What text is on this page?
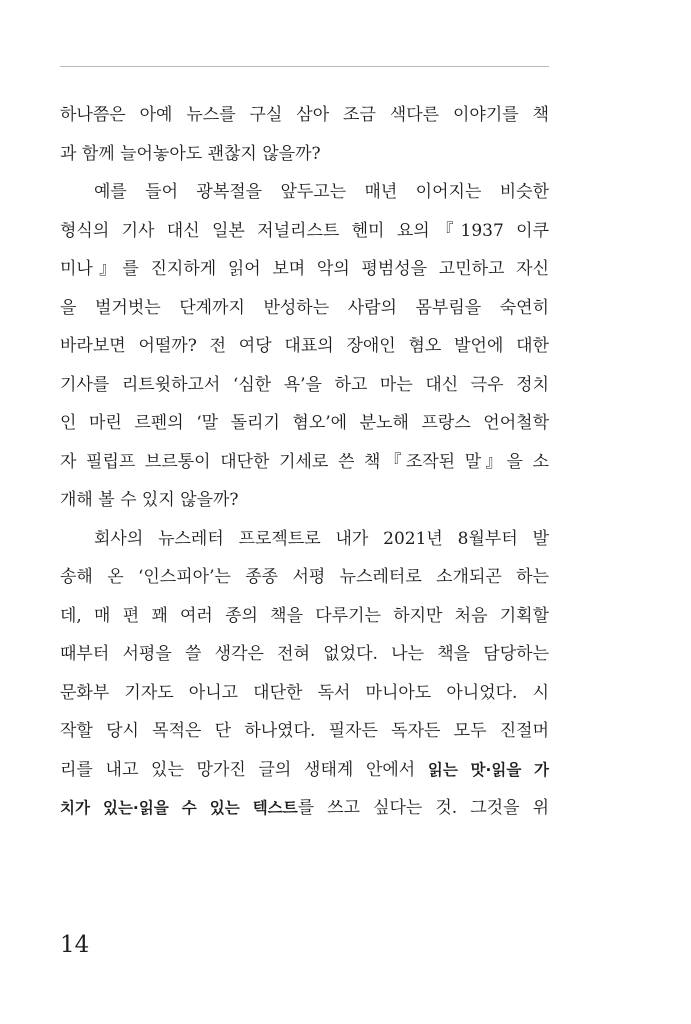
하나쯤은 아예 뉴스를 구실 삼아 조금 색다른 이야기를 책
과 함께 늘어놓아도 괜찮지 않을까?
예를 들어 광복절을 앞두고는 매년 이어지는 비슷한
형식의 기사 대신 일본 저널리스트 헨미 요의『1937 이쿠
미나』를 진지하게 읽어 보며 악의 평범성을 고민하고 자신
을 벌거벗는 단계까지 반성하는 사람의 몸부림을 숙연히
바라보면 어떨까? 전 여당 대표의 장애인 혐오 발언에 대한
기사를 리트윗하고서 ‘심한 욕’을 하고 마는 대신 극우 정치
인 마린 르펜의 ‘말 돌리기 혐오’에 분노해 프랑스 언어철학
자 필립프 브르통이 대단한 기세로 쓴 책『조작된 말』을 소
개해 볼 수 있지 않을까?
회사의 뉴스레터 프로젝트로 내가 2021년 8월부터 발
송해 온 ‘인스피아’는 종종 서평 뉴스레터로 소개되곤 하는
데, 매 편 꽤 여러 종의 책을 다루기는 하지만 처음 기획할
때부터 서평을 쓸 생각은 전혀 없었다. 나는 책을 담당하는
문화부 기자도 아니고 대단한 독서 마니아도 아니었다. 시
작할 당시 목적은 단 하나였다. 필자든 독자든 모두 진절머
리를 내고 있는 망가진 글의 생태계 안에서 읽는 맛·읽을 가
치가 있는·읽을 수 있는 텍스트를 쓰고 싶다는 것. 그것을 위
14
